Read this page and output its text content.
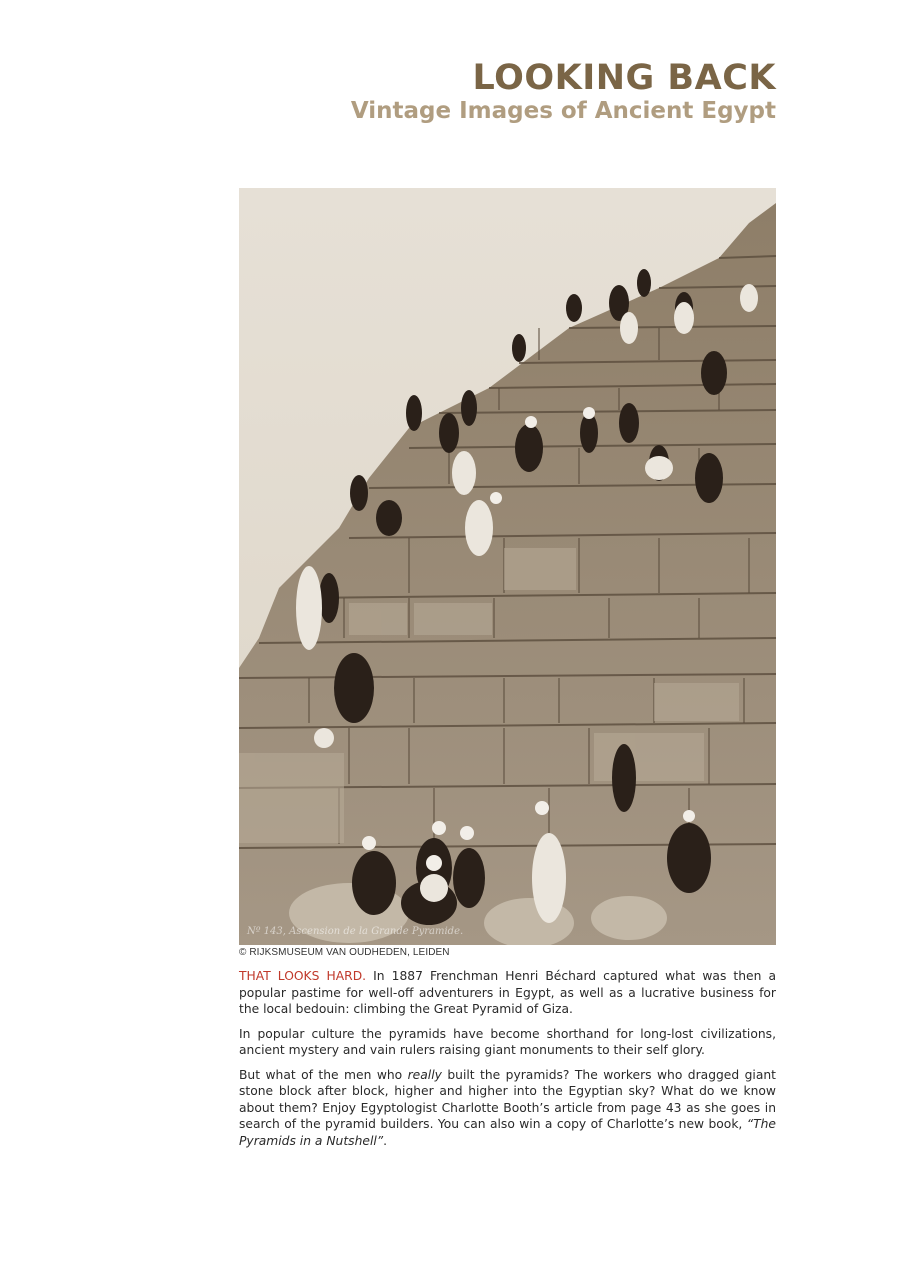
LOOKING BACK
Vintage Images of Ancient Egypt
Nº 143, Ascension de la Grande Pyramide.
© RIJKSMUSEUM VAN OUDHEDEN, LEIDEN

THAT LOOKS HARD. In 1887 Frenchman Henri Béchard captured what was then a popular pastime for well-off adventurers in Egypt, as well as a lucrative business for the local bedouin: climbing the Great Pyramid of Giza.

In popular culture the pyramids have become shorthand for long-lost civilizations, ancient mystery and vain rulers raising giant monuments to their self glory.

But what of the men who really built the pyramids? The workers who dragged giant stone block after block, higher and higher into the Egyptian sky? What do we know about them? Enjoy Egyptologist Charlotte Booth’s article from page 43 as she goes in search of the pyramid builders. You can also win a copy of Charlotte’s new book, “The Pyramids in a Nutshell”.
